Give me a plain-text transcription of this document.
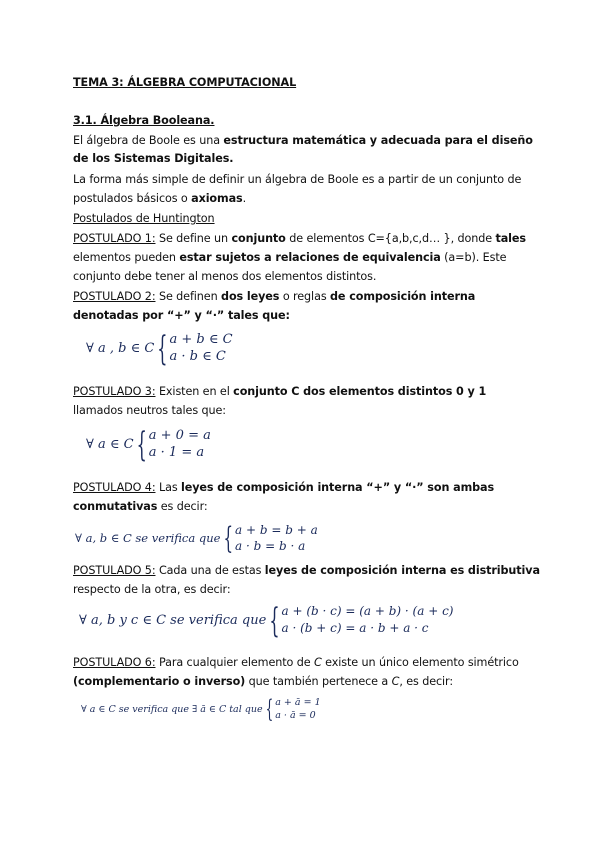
TEMA 3: ÁLGEBRA COMPUTACIONAL
3.1. Álgebra Booleana.
El álgebra de Boole es una estructura matemática y adecuada para el diseño
de los Sistemas Digitales.
La forma más simple de definir un álgebra de Boole es a partir de un conjunto de
postulados básicos o axiomas.
Postulados de Huntington
POSTULADO 1: Se define un conjunto de elementos C={a,b,c,d… }, donde tales
elementos pueden estar sujetos a relaciones de equivalencia (a=b). Este
conjunto debe tener al menos dos elementos distintos.
POSTULADO 2: Se definen dos leyes o reglas de composición interna
denotadas por “+” y “·” tales que:
∀ a , b ∈ C { a + b ∈ C
a · b ∈ C
POSTULADO 3: Existen en el conjunto C dos elementos distintos 0 y 1
llamados neutros tales que:
∀ a ∈ C { a + 0 = a
a · 1 = a
POSTULADO 4: Las leyes de composición interna “+” y “·” son ambas
conmutativas es decir:
∀ a, b ∈ C se verifica que { a + b = b + a
a · b = b · a
POSTULADO 5: Cada una de estas leyes de composición interna es distributiva
respecto de la otra, es decir:
∀ a, b y c ∈ C se verifica que { a + (b · c) = (a + b) · (a + c)
a · (b + c) = a · b + a · c
POSTULADO 6: Para cualquier elemento de C existe un único elemento simétrico
(complementario o inverso) que también pertenece a C, es decir:
∀ a ∈ C se verifica que ∃ ā ∈ C tal que { a + ā = 1
a · ā = 0
